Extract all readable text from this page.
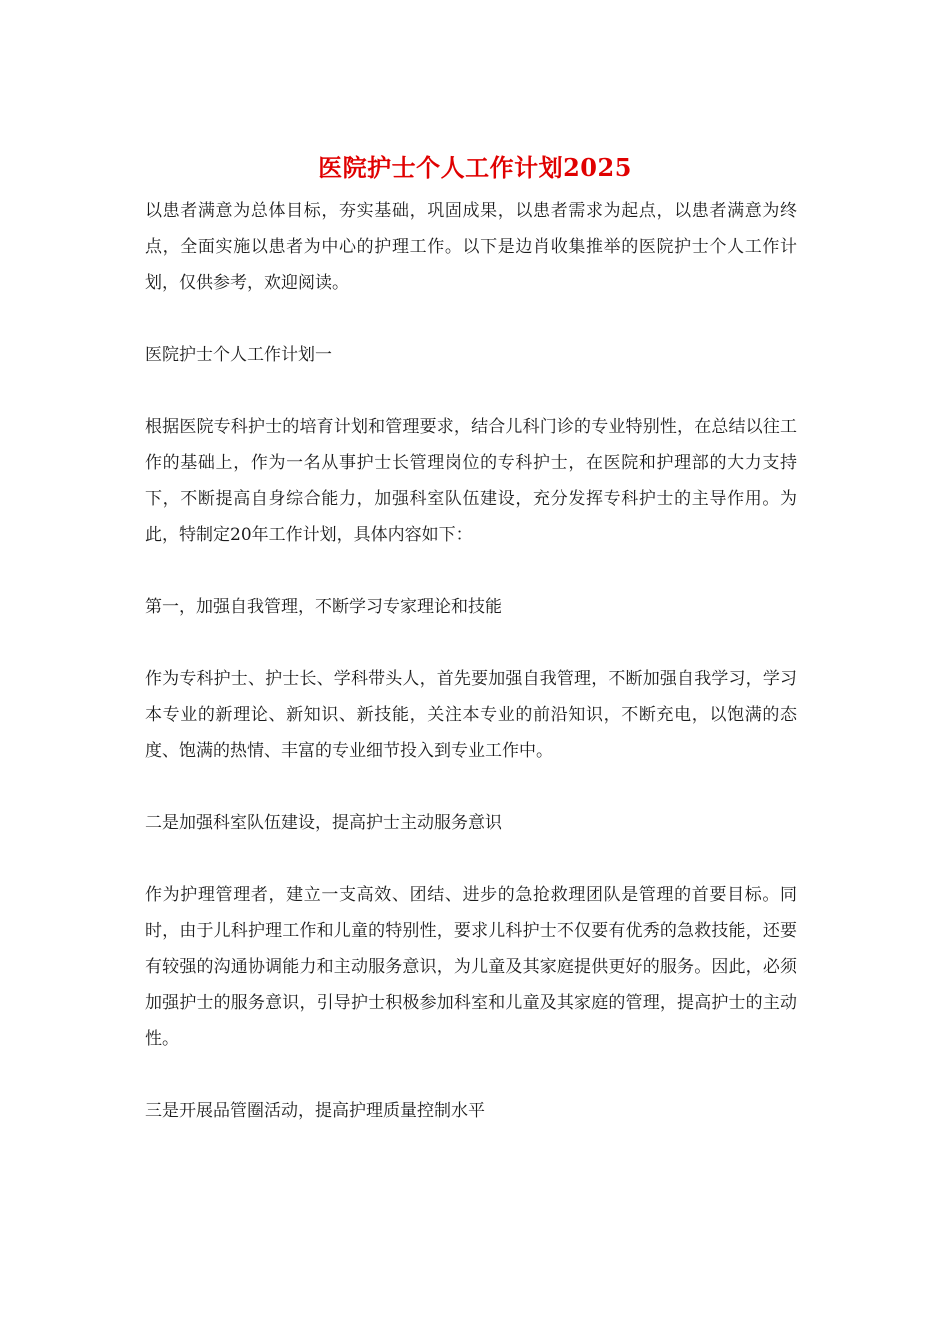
医院护士个人工作计划2025

以患者满意为总体目标，夯实基础，巩固成果，以患者需求为起点，以患者满意为终点，全面实施以患者为中心的护理工作。以下是边肖收集推举的医院护士个人工作计划，仅供参考，欢迎阅读。

医院护士个人工作计划一

根据医院专科护士的培育计划和管理要求，结合儿科门诊的专业特别性，在总结以往工作的基础上，作为一名从事护士长管理岗位的专科护士，在医院和护理部的大力支持下，不断提高自身综合能力，加强科室队伍建设，充分发挥专科护士的主导作用。为此，特制定20年工作计划，具体内容如下：

第一，加强自我管理，不断学习专家理论和技能

作为专科护士、护士长、学科带头人，首先要加强自我管理，不断加强自我学习，学习本专业的新理论、新知识、新技能，关注本专业的前沿知识，不断充电，以饱满的态度、饱满的热情、丰富的专业细节投入到专业工作中。

二是加强科室队伍建设，提高护士主动服务意识

作为护理管理者，建立一支高效、团结、进步的急抢救理团队是管理的首要目标。同时，由于儿科护理工作和儿童的特别性，要求儿科护士不仅要有优秀的急救技能，还要有较强的沟通协调能力和主动服务意识，为儿童及其家庭提供更好的服务。因此，必须加强护士的服务意识，引导护士积极参加科室和儿童及其家庭的管理，提高护士的主动性。

三是开展品管圈活动，提高护理质量控制水平
